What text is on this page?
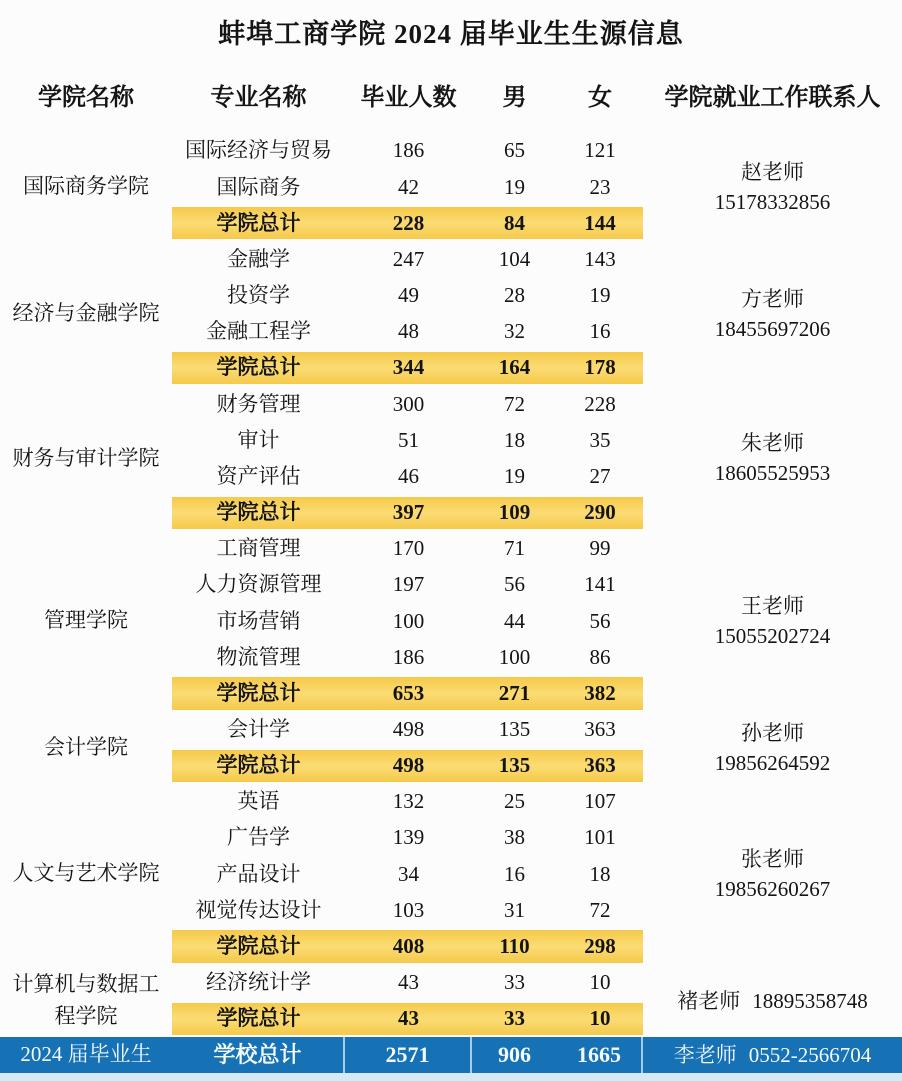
蚌埠工商学院 2024 届毕业生生源信息
学院名称	专业名称	毕业人数	男	女	学院就业工作联系人
国际商务学院
国际经济与贸易	186	65	121
国际商务	42	19	23
学院总计	228	84	144
赵老师
15178332856
经济与金融学院
金融学	247	104	143
投资学	49	28	19
金融工程学	48	32	16
学院总计	344	164	178
方老师
18455697206
财务与审计学院
财务管理	300	72	228
审计	51	18	35
资产评估	46	19	27
学院总计	397	109	290
朱老师
18605525953
管理学院
工商管理	170	71	99
人力资源管理	197	56	141
市场营销	100	44	56
物流管理	186	100	86
学院总计	653	271	382
王老师
15055202724
会计学院
会计学	498	135	363
学院总计	498	135	363
孙老师
19856264592
人文与艺术学院
英语	132	25	107
广告学	139	38	101
产品设计	34	16	18
视觉传达设计	103	31	72
学院总计	408	110	298
张老师
19856260267
计算机与数据工程学院
经济统计学	43	33	10
学院总计	43	33	10
褚老师 18895358748
2024 届毕业生	学校总计	2571	906	1665	李老师 0552-2566704
